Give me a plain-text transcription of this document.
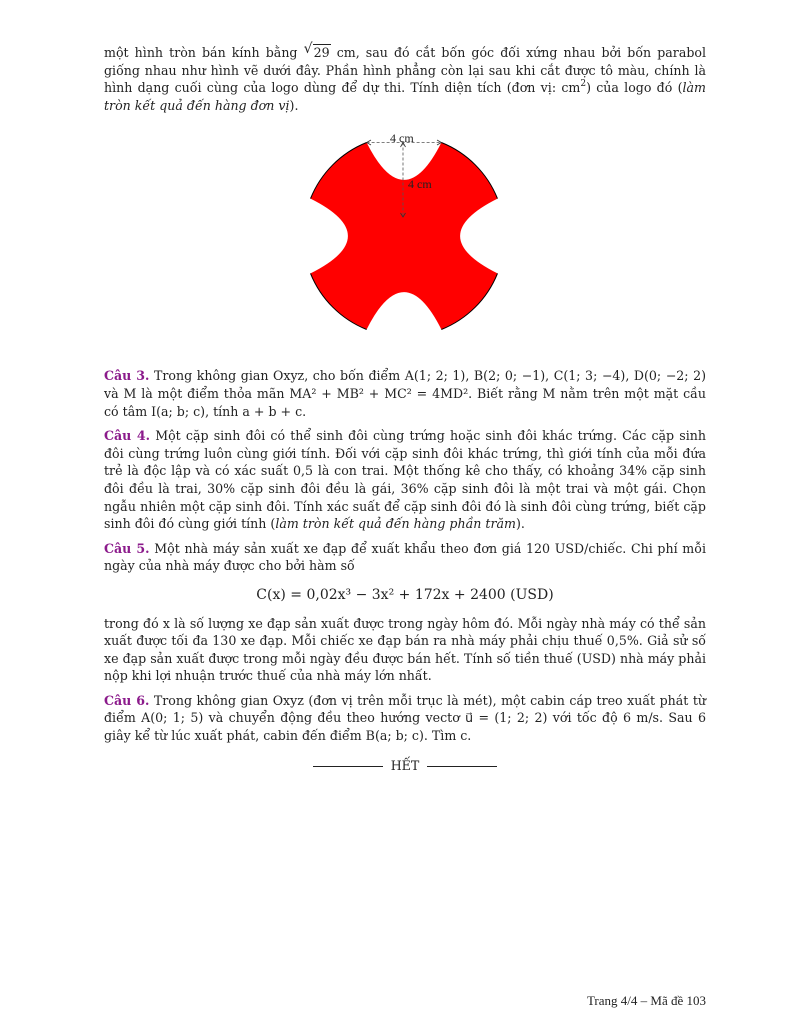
một hình tròn bán kính bằng √ 29 cm, sau đó cắt bốn góc đối xứng nhau bởi bốn parabol giống nhau như hình vẽ dưới đây. Phần hình phẳng còn lại sau khi cắt được tô màu, chính là hình dạng cuối cùng của logo dùng để dự thi. Tính diện tích (đơn vị: $cm^2$) của logo đó (làm tròn kết quả đến hàng đơn vị).

4 cm
4 cm

Câu 3. Trong không gian Oxyz, cho bốn điểm A(1; 2; 1), B(2; 0; −1), C(1; 3; −4), D(0; −2; 2) và M là một điểm thỏa mãn MA² + MB² + MC² = 4MD². Biết rằng M nằm trên một mặt cầu có tâm I(a; b; c), tính a + b + c.

Câu 4. Một cặp sinh đôi có thể sinh đôi cùng trứng hoặc sinh đôi khác trứng. Các cặp sinh đôi cùng trứng luôn cùng giới tính. Đối với cặp sinh đôi khác trứng, thì giới tính của mỗi đứa trẻ là độc lập và có xác suất 0,5 là con trai. Một thống kê cho thấy, có khoảng 34% cặp sinh đôi đều là trai, 30% cặp sinh đôi đều là gái, 36% cặp sinh đôi là một trai và một gái. Chọn ngẫu nhiên một cặp sinh đôi. Tính xác suất để cặp sinh đôi đó là sinh đôi cùng trứng, biết cặp sinh đôi đó cùng giới tính (làm tròn kết quả đến hàng phần trăm).

Câu 5. Một nhà máy sản xuất xe đạp để xuất khẩu theo đơn giá 120 USD/chiếc. Chi phí mỗi ngày của nhà máy được cho bởi hàm số

C(x) = 0,02x³ − 3x² + 172x + 2400 (USD)

trong đó x là số lượng xe đạp sản xuất được trong ngày hôm đó. Mỗi ngày nhà máy có thể sản xuất được tối đa 130 xe đạp. Mỗi chiếc xe đạp bán ra nhà máy phải chịu thuế 0,5%. Giả sử số xe đạp sản xuất được trong mỗi ngày đều được bán hết. Tính số tiền thuế (USD) nhà máy phải nộp khi lợi nhuận trước thuế của nhà máy lớn nhất.

Câu 6. Trong không gian Oxyz (đơn vị trên mỗi trục là mét), một cabin cáp treo xuất phát từ điểm A(0; 1; 5) và chuyển động đều theo hướng vectơ u⃗ = (1; 2; 2) với tốc độ 6 m/s. Sau 6 giây kể từ lúc xuất phát, cabin đến điểm B(a; b; c). Tìm c.

HẾT
Trang 4/4 – Mã đề 103
